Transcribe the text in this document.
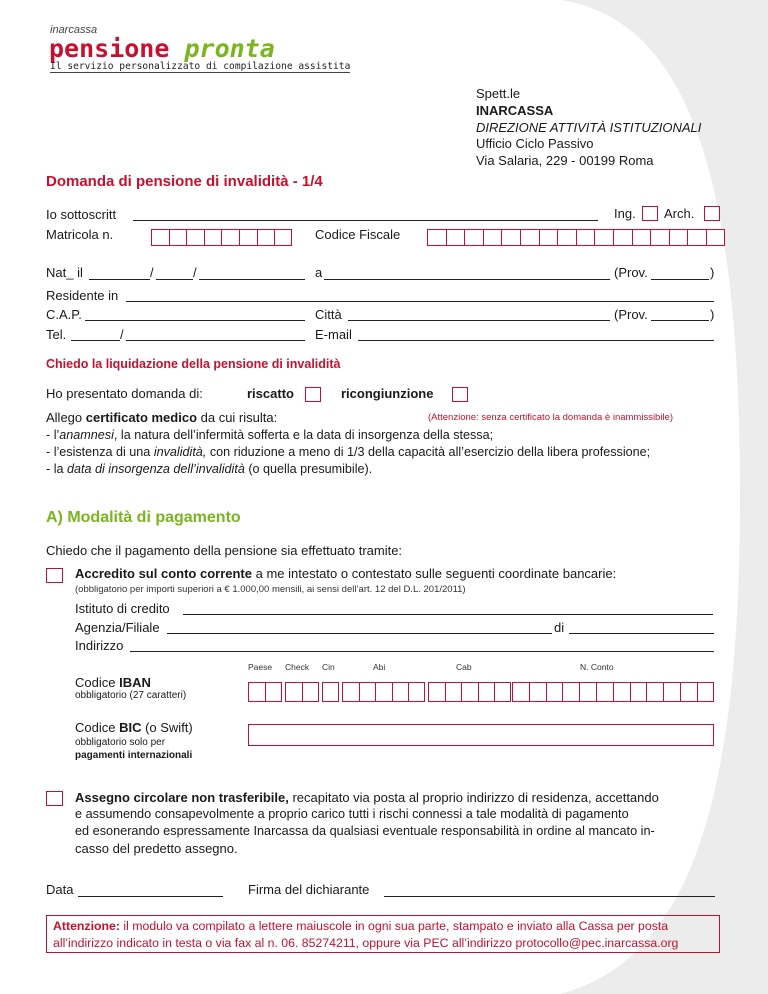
inarcassa
pensione pronta
Il servizio personalizzato di compilazione assistita
Spett.le
INARCASSA
DIREZIONE ATTIVITÀ ISTITUZIONALI
Ufficio Ciclo Passivo
Via Salaria, 229 - 00199 Roma
Domanda di pensione di invalidità - 1/4
Io sottoscritt	Ing. Arch.
Matricola n.	Codice Fiscale
Nat_ il	/	/	a	(Prov.	)
Residente in
C.A.P.	Città	(Prov.	)
Tel.	/	E-mail
Chiedo la liquidazione della pensione di invalidità
Ho presentato domanda di:	riscatto	ricongiunzione
Allego certificato medico da cui risulta:	(Attenzione: senza certificato la domanda è inammissibile)
- l’anamnesi, la natura dell’infermità sofferta e la data di insorgenza della stessa;
- l’esistenza di una invalidità, con riduzione a meno di 1/3 della capacità all’esercizio della libera professione;
- la data di insorgenza dell’invalidità (o quella presumibile).
A) Modalità di pagamento
Chiedo che il pagamento della pensione sia effettuato tramite:
Accredito sul conto corrente a me intestato o contestato sulle seguenti coordinate bancarie:
(obbligatorio per importi superiori a € 1.000,00 mensili, ai sensi dell’art. 12 del D.L. 201/2011)
Istituto di credito
Agenzia/Filiale	di
Indirizzo
Paese Check Cin	Abi	Cab	N. Conto
Codice IBAN
obbligatorio (27 caratteri)
Codice BIC (o Swift)
obbligatorio solo per
pagamenti internazionali
Assegno circolare non trasferibile, recapitato via posta al proprio indirizzo di residenza, accettando
e assumendo consapevolmente a proprio carico tutti i rischi connessi a tale modalità di pagamento
ed esonerando espressamente Inarcassa da qualsiasi eventuale responsabilità in ordine al mancato in-
casso del predetto assegno.
Data	Firma del dichiarante
Attenzione: il modulo va compilato a lettere maiuscole in ogni sua parte, stampato e inviato alla Cassa per posta
all’indirizzo indicato in testa o via fax al n. 06. 85274211, oppure via PEC all’indirizzo protocollo@pec.inarcassa.org
